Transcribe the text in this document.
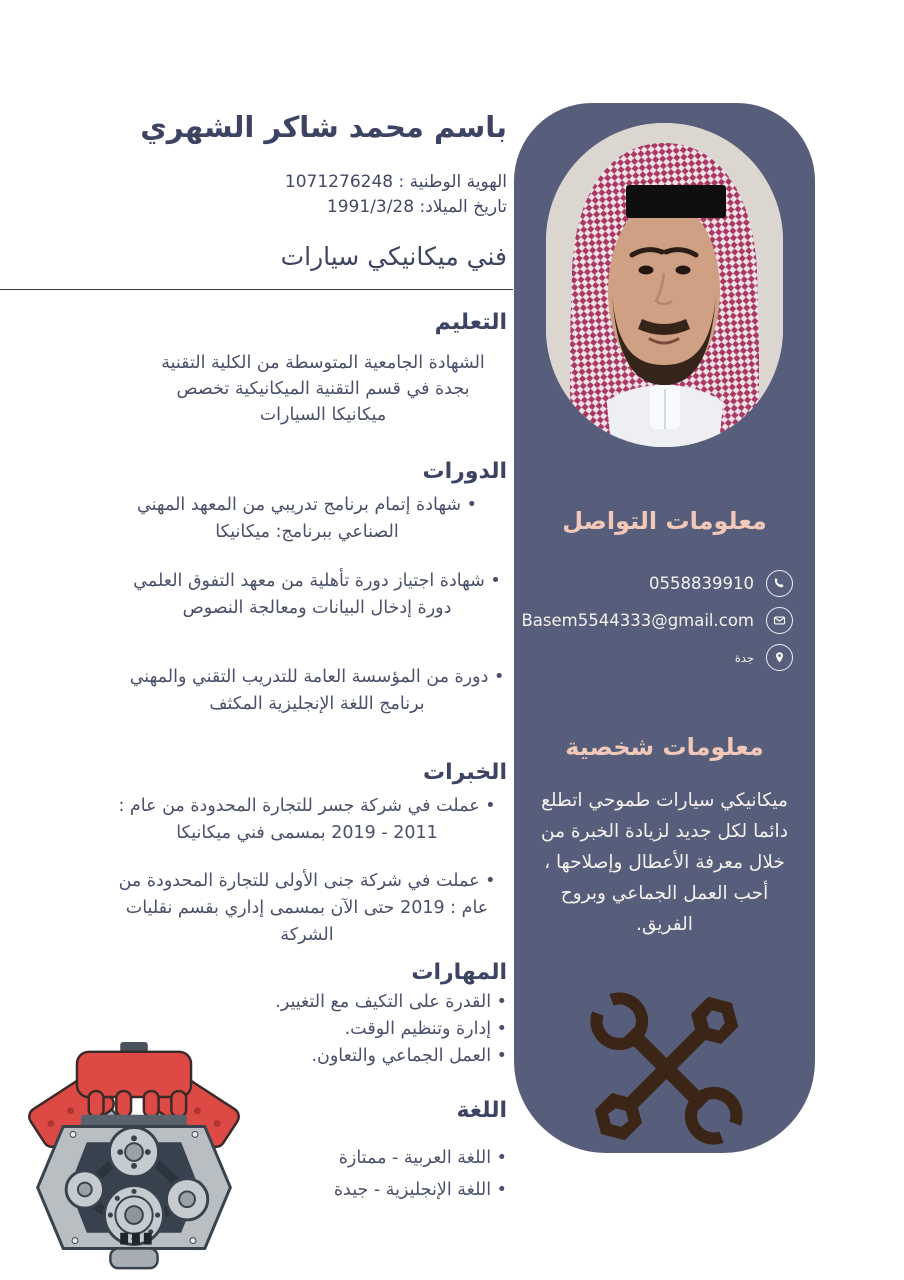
باسم محمد شاكر الشهري
الهوية الوطنية : 1071276248
تاريخ الميلاد: 1991/3/28
فني ميكانيكي سيارات
التعليم
الشهادة الجامعية المتوسطة من الكلية التقنية بجدة في قسم التقنية الميكانيكية تخصص ميكانيكا السيارات
الدورات
• شهادة إتمام برنامج تدريبي من المعهد المهني الصناعي ببرنامج: ميكانيكا
• شهادة اجتياز دورة تأهلية من معهد التفوق العلمي دورة إدخال البيانات ومعالجة النصوص
• دورة من المؤسسة العامة للتدريب التقني والمهني برنامج اللغة الإنجليزية المكثف
الخبرات
• عملت في شركة جسر للتجارة المحدودة من عام : 2011 - 2019 بمسمى فني ميكانيكا
• عملت في شركة جنى الأولى للتجارة المحدودة من عام : 2019 حتى الآن بمسمى إداري بقسم نقليات الشركة
المهارات
• القدرة على التكيف مع التغيير.
• إدارة وتنظيم الوقت.
• العمل الجماعي والتعاون.
اللغة
• اللغة العربية - ممتازة
• اللغة الإنجليزية - جيدة
معلومات التواصل
0558839910
Basem5544333@gmail.com
جدة
معلومات شخصية
ميكانيكي سيارات طموحي اتطلع دائما لكل جديد لزيادة الخبرة من خلال معرفة الأعطال وإصلاحها ، أحب العمل الجماعي وبروح الفريق.
